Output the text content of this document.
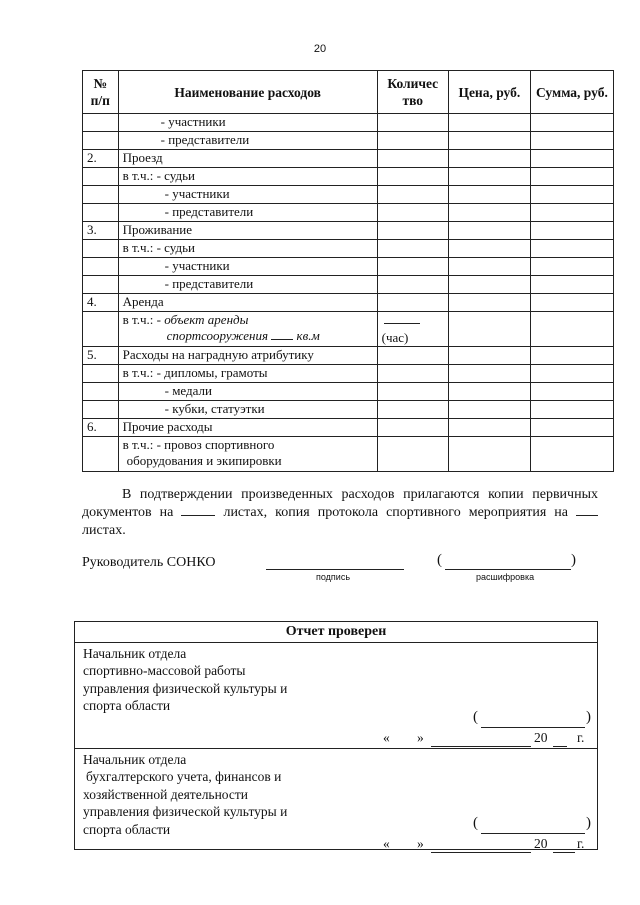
20
№ п/п	Наименование расходов	Количес тво	Цена, руб.	Сумма, руб.
	- участники			
	- представители			
2.	Проезд			
	в т.ч.: - судьи			
	- участники			
	- представители			
3.	Проживание			
	в т.ч.: - судьи			
	- участники			
	- представители			
4.	Аренда			
	в т.ч.: - объект аренды
спортсооружения кв.м	(час)		
5.	Расходы на наградную атрибутику			
	в т.ч.: - дипломы, грамоты			
	- медали			
	- кубки, статуэтки			
6.	Прочие расходы			
	в т.ч.: - провоз спортивного
оборудования и экипировки			
В подтверждении произведенных расходов прилагаются копии первичных документов на	листах, копия протокола спортивного мероприятия на  листах.
Руководитель СОНКО
подпись
(	)
расшифровка
Отчет проверен

Начальник отдела
спортивно-массовой работы
управления физической культуры и
спорта области
(	)
« »	20 г.

Начальник отдела
бухгалтерского учета, финансов и
хозяйственной деятельности
управления физической культуры и
спорта области	(	)
« »	20 г.
